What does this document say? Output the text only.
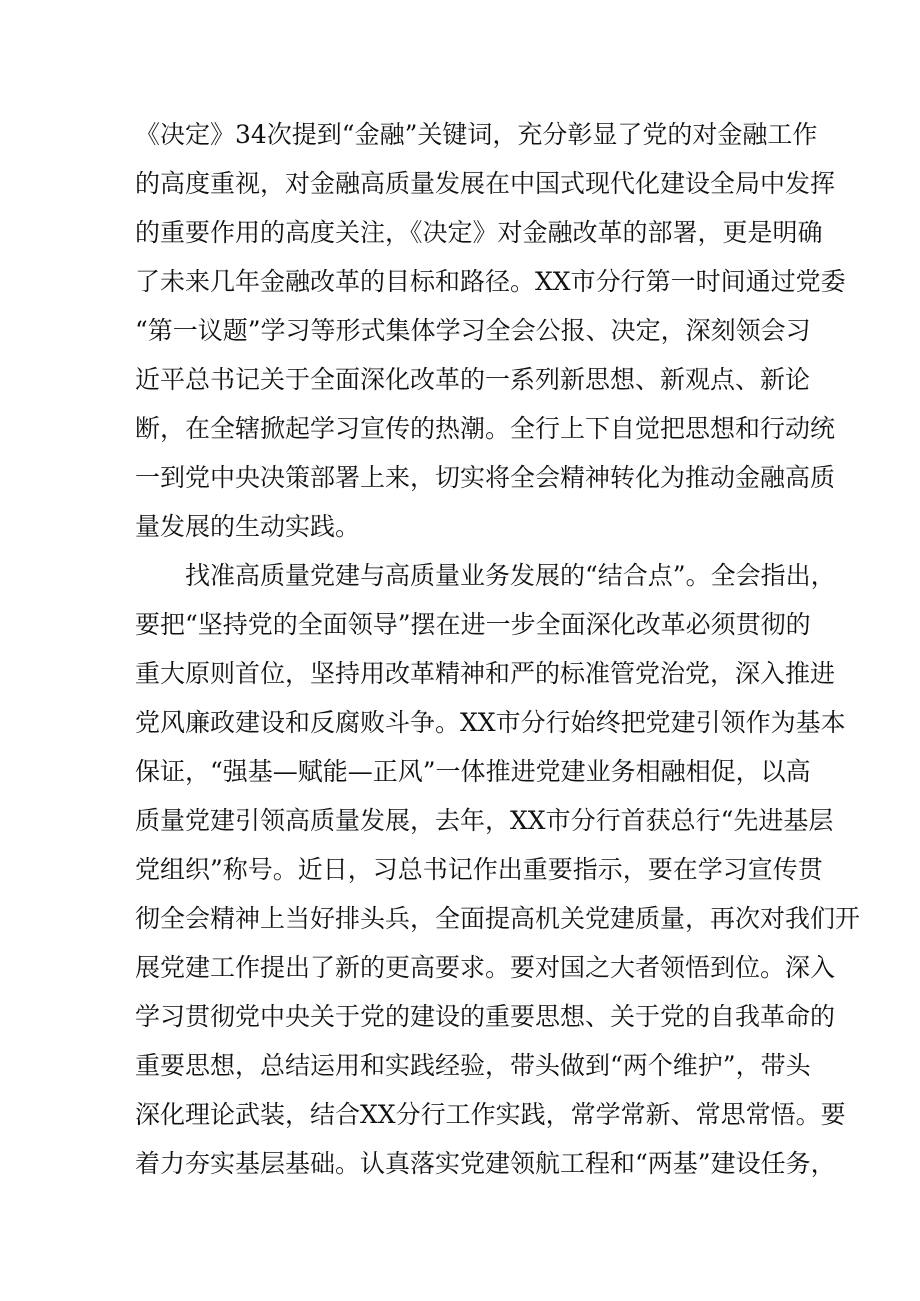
《决定》34次提到“金融”关键词，充分彰显了党的对金融工作
的高度重视，对金融高质量发展在中国式现代化建设全局中发挥
的重要作用的高度关注，《决定》对金融改革的部署，更是明确
了未来几年金融改革的目标和路径。XX市分行第一时间通过党委
“第一议题”学习等形式集体学习全会公报、决定，深刻领会习
近平总书记关于全面深化改革的一系列新思想、新观点、新论
断，在全辖掀起学习宣传的热潮。全行上下自觉把思想和行动统
一到党中央决策部署上来，切实将全会精神转化为推动金融高质
量发展的生动实践。
找准高质量党建与高质量业务发展的“结合点”。全会指出，
要把“坚持党的全面领导”摆在进一步全面深化改革必须贯彻的
重大原则首位，坚持用改革精神和严的标准管党治党，深入推进
党风廉政建设和反腐败斗争。XX市分行始终把党建引领作为基本
保证，“强基—赋能—正风”一体推进党建业务相融相促，以高
质量党建引领高质量发展，去年，XX市分行首获总行“先进基层
党组织”称号。近日，习总书记作出重要指示，要在学习宣传贯
彻全会精神上当好排头兵，全面提高机关党建质量，再次对我们开
展党建工作提出了新的更高要求。要对国之大者领悟到位。深入
学习贯彻党中央关于党的建设的重要思想、关于党的自我革命的
重要思想，总结运用和实践经验，带头做到“两个维护”，带头
深化理论武装，结合XX分行工作实践，常学常新、常思常悟。要
着力夯实基层基础。认真落实党建领航工程和“两基”建设任务，
